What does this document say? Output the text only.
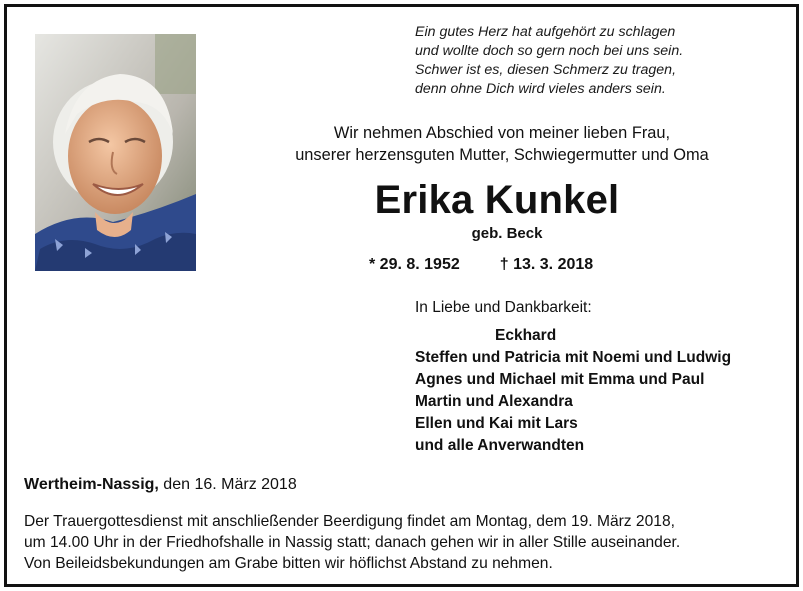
Ein gutes Herz hat aufgehört zu schlagen
und wollte doch so gern noch bei uns sein.
Schwer ist es, diesen Schmerz zu tragen,
denn ohne Dich wird vieles anders sein.
Wir nehmen Abschied von meiner lieben Frau,
unserer herzensguten Mutter, Schwiegermutter und Oma
Erika Kunkel
geb. Beck
* 29. 8. 1952	† 13. 3. 2018
In Liebe und Dankbarkeit:
Eckhard
Steffen und Patricia mit Noemi und Ludwig
Agnes und Michael mit Emma und Paul
Martin und Alexandra
Ellen und Kai mit Lars
und alle Anverwandten
Wertheim-Nassig, den 16. März 2018
Der Trauergottesdienst mit anschließender Beerdigung findet am Montag, dem 19. März 2018,
um 14.00 Uhr in der Friedhofshalle in Nassig statt; danach gehen wir in aller Stille auseinander.
Von Beileidsbekundungen am Grabe bitten wir höflichst Abstand zu nehmen.
